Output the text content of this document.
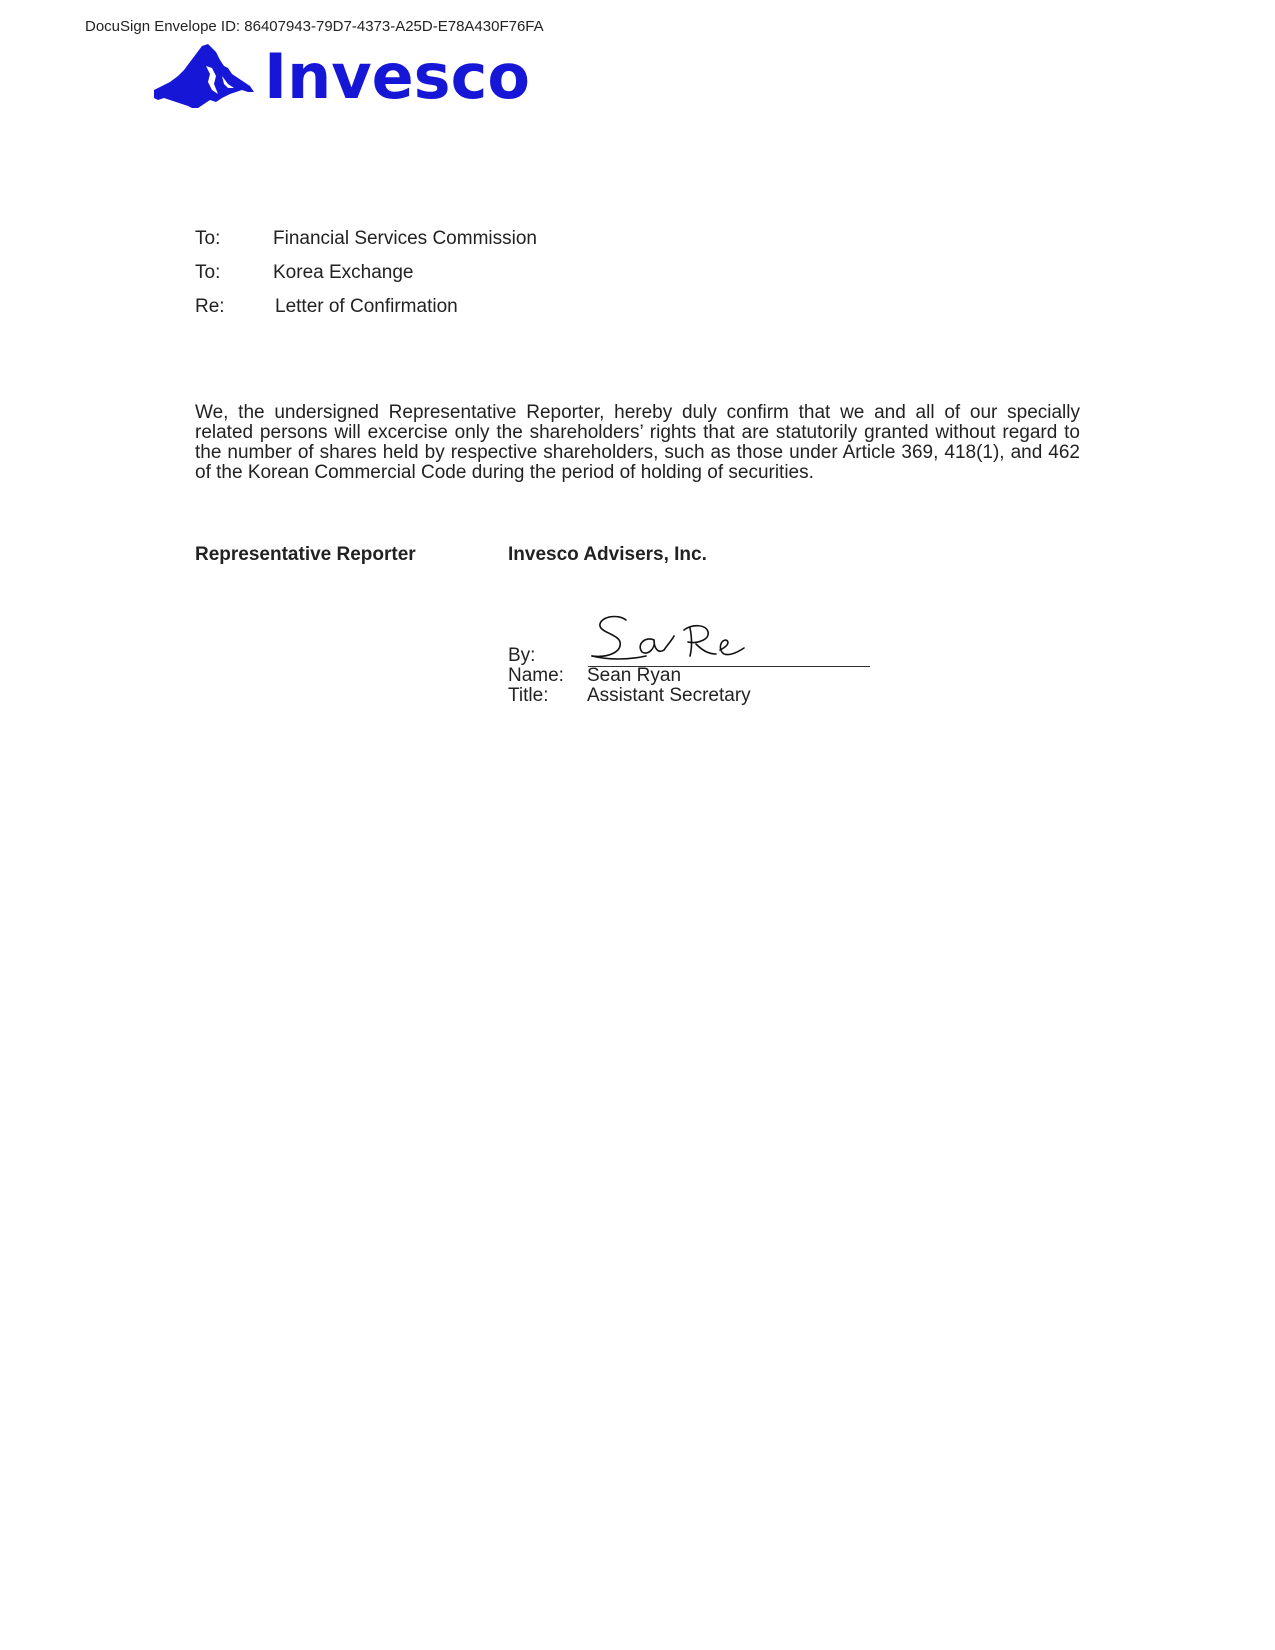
DocuSign Envelope ID: 86407943-79D7-4373-A25D-E78A430F76FA
Invesco
To:	Financial Services Commission
To:	Korea Exchange
Re:	Letter of Confirmation
We, the undersigned Representative Reporter, hereby duly confirm that we and all of our specially related persons will excercise only the shareholders’ rights that are statutorily granted without regard to the number of shares held by respective shareholders, such as those under Article 369, 418(1), and 462 of the Korean Commercial Code during the period of holding of securities.
Representative Reporter	Invesco Advisers, Inc.
By:
Name: Sean Ryan
Title: Assistant Secretary
